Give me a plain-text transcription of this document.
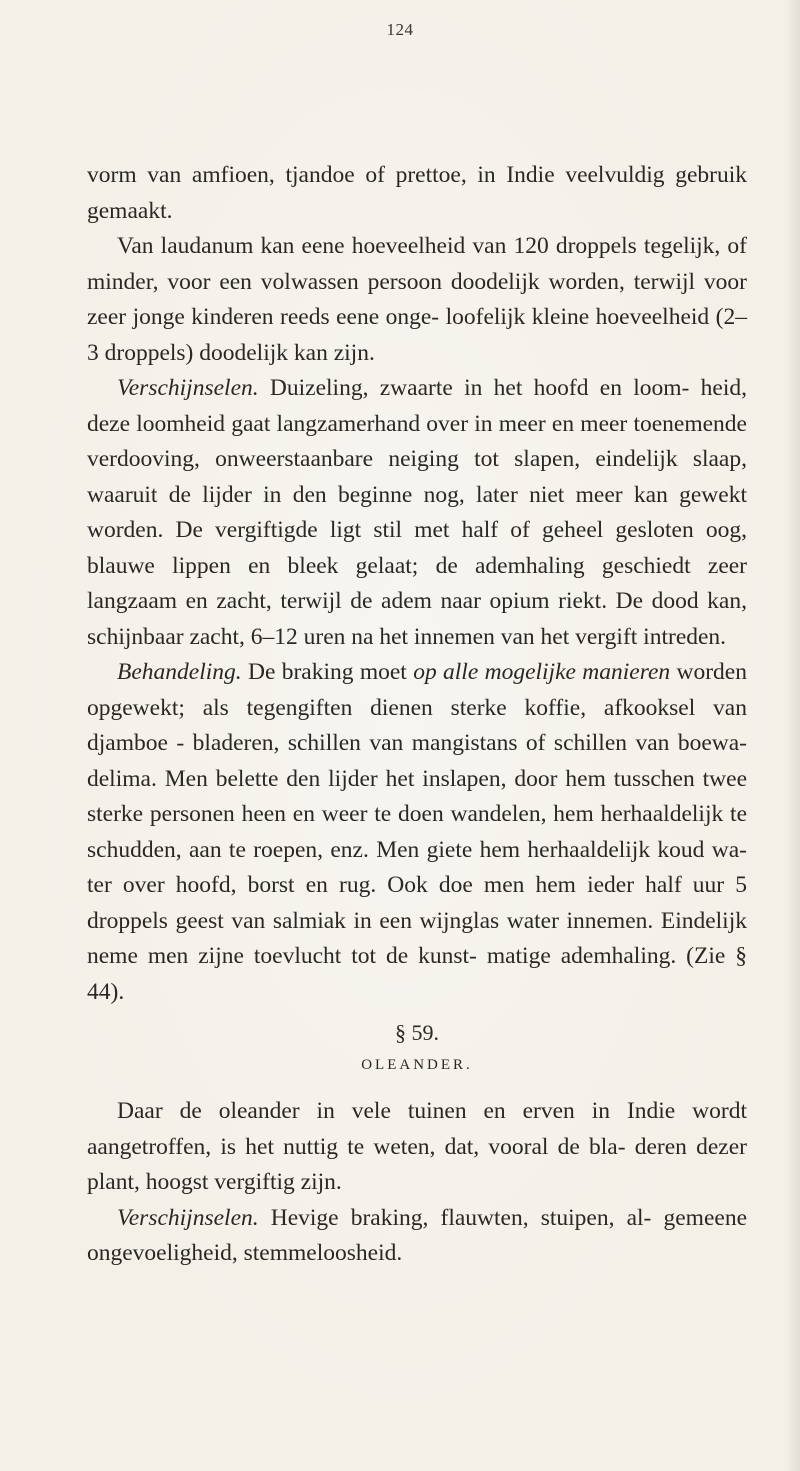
124

vorm van amfioen, tjandoe of prettoe, in Indie veelvuldig gebruik gemaakt.

Van laudanum kan eene hoeveelheid van 120 droppels tegelijk, of minder, voor een volwassen persoon doodelijk worden, terwijl voor zeer jonge kinderen reeds eene onge- loofelijk kleine hoeveelheid (2–3 droppels) doodelijk kan zijn.

Verschijnselen. Duizeling, zwaarte in het hoofd en loom- heid, deze loomheid gaat langzamerhand over in meer en meer toenemende verdooving, onweerstaanbare neiging tot slapen, eindelijk slaap, waaruit de lijder in den beginne nog, later niet meer kan gewekt worden. De vergiftigde ligt stil met half of geheel gesloten oog, blauwe lippen en bleek gelaat; de ademhaling geschiedt zeer langzaam en zacht, terwijl de adem naar opium riekt. De dood kan, schijnbaar zacht, 6–12 uren na het innemen van het vergift intreden.

Behandeling. De braking moet op alle mogelijke manieren worden opgewekt; als tegengiften dienen sterke koffie, afkooksel van djamboe - bladeren, schillen van mangistans of schillen van boewa-delima. Men belette den lijder het inslapen, door hem tusschen twee sterke personen heen en weer te doen wandelen, hem herhaaldelijk te schudden, aan te roepen, enz. Men giete hem herhaaldelijk koud wa- ter over hoofd, borst en rug. Ook doe men hem ieder half uur 5 droppels geest van salmiak in een wijnglas water innemen. Eindelijk neme men zijne toevlucht tot de kunst- matige ademhaling. (Zie § 44).

§ 59.
OLEANDER.

Daar de oleander in vele tuinen en erven in Indie wordt aangetroffen, is het nuttig te weten, dat, vooral de bla- deren dezer plant, hoogst vergiftig zijn.

Verschijnselen. Hevige braking, flauwten, stuipen, al- gemeene ongevoeligheid, stemmeloosheid.
